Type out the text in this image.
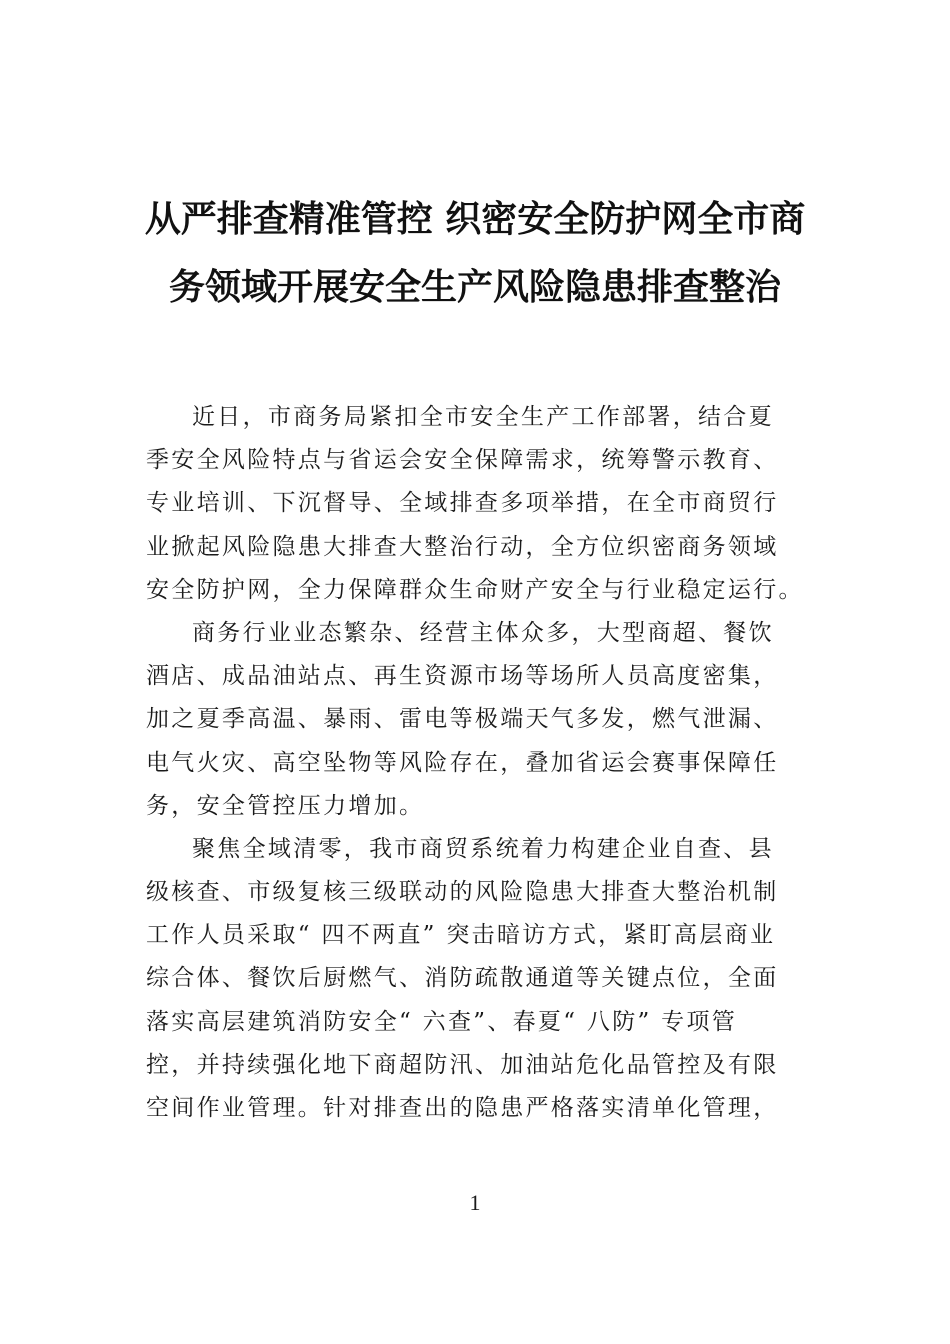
从严排查精准管控 织密安全防护网全市商
务领域开展安全生产风险隐患排查整治
近日，市商务局紧扣全市安全生产工作部署，结合夏
季安全风险特点与省运会安全保障需求，统筹警示教育、
专业培训、下沉督导、全域排查多项举措，在全市商贸行
业掀起风险隐患大排查大整治行动，全方位织密商务领域
安全防护网，全力保障群众生命财产安全与行业稳定运行。
商务行业业态繁杂、经营主体众多，大型商超、餐饮
酒店、成品油站点、再生资源市场等场所人员高度密集，
加之夏季高温、暴雨、雷电等极端天气多发，燃气泄漏、
电气火灾、高空坠物等风险存在，叠加省运会赛事保障任
务，安全管控压力增加。
聚焦全域清零，我市商贸系统着力构建企业自查、县
级核查、市级复核三级联动的风险隐患大排查大整治机制
工作人员采取“ 四不两直” 突击暗访方式，紧盯高层商业
综合体、餐饮后厨燃气、消防疏散通道等关键点位，全面
落实高层建筑消防安全“ 六查”、春夏“ 八防” 专项管
控，并持续强化地下商超防汛、加油站危化品管控及有限
空间作业管理。针对排查出的隐患严格落实清单化管理，
1
